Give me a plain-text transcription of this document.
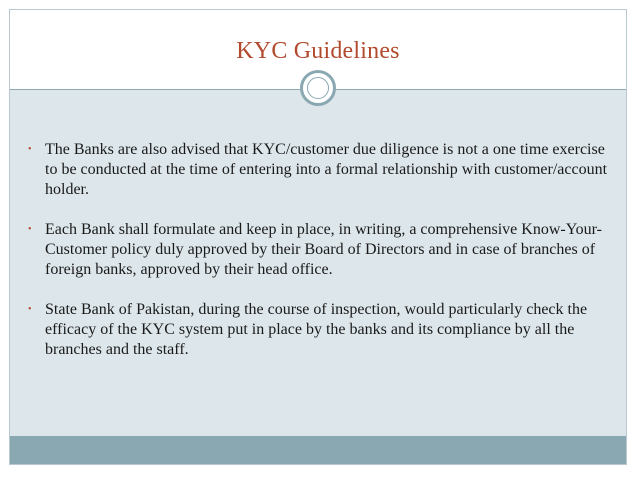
KYC Guidelines
• The Banks are also advised that KYC/customer due diligence is not a one time exercise to be conducted at the time of entering into a formal relationship with customer/account holder.
• Each Bank shall formulate and keep in place, in writing, a comprehensive Know-Your-Customer policy duly approved by their Board of Directors and in case of branches of foreign banks, approved by their head office.
• State Bank of Pakistan, during the course of inspection, would particularly check the efficacy of the KYC system put in place by the banks and its compliance by all the branches and the staff.
